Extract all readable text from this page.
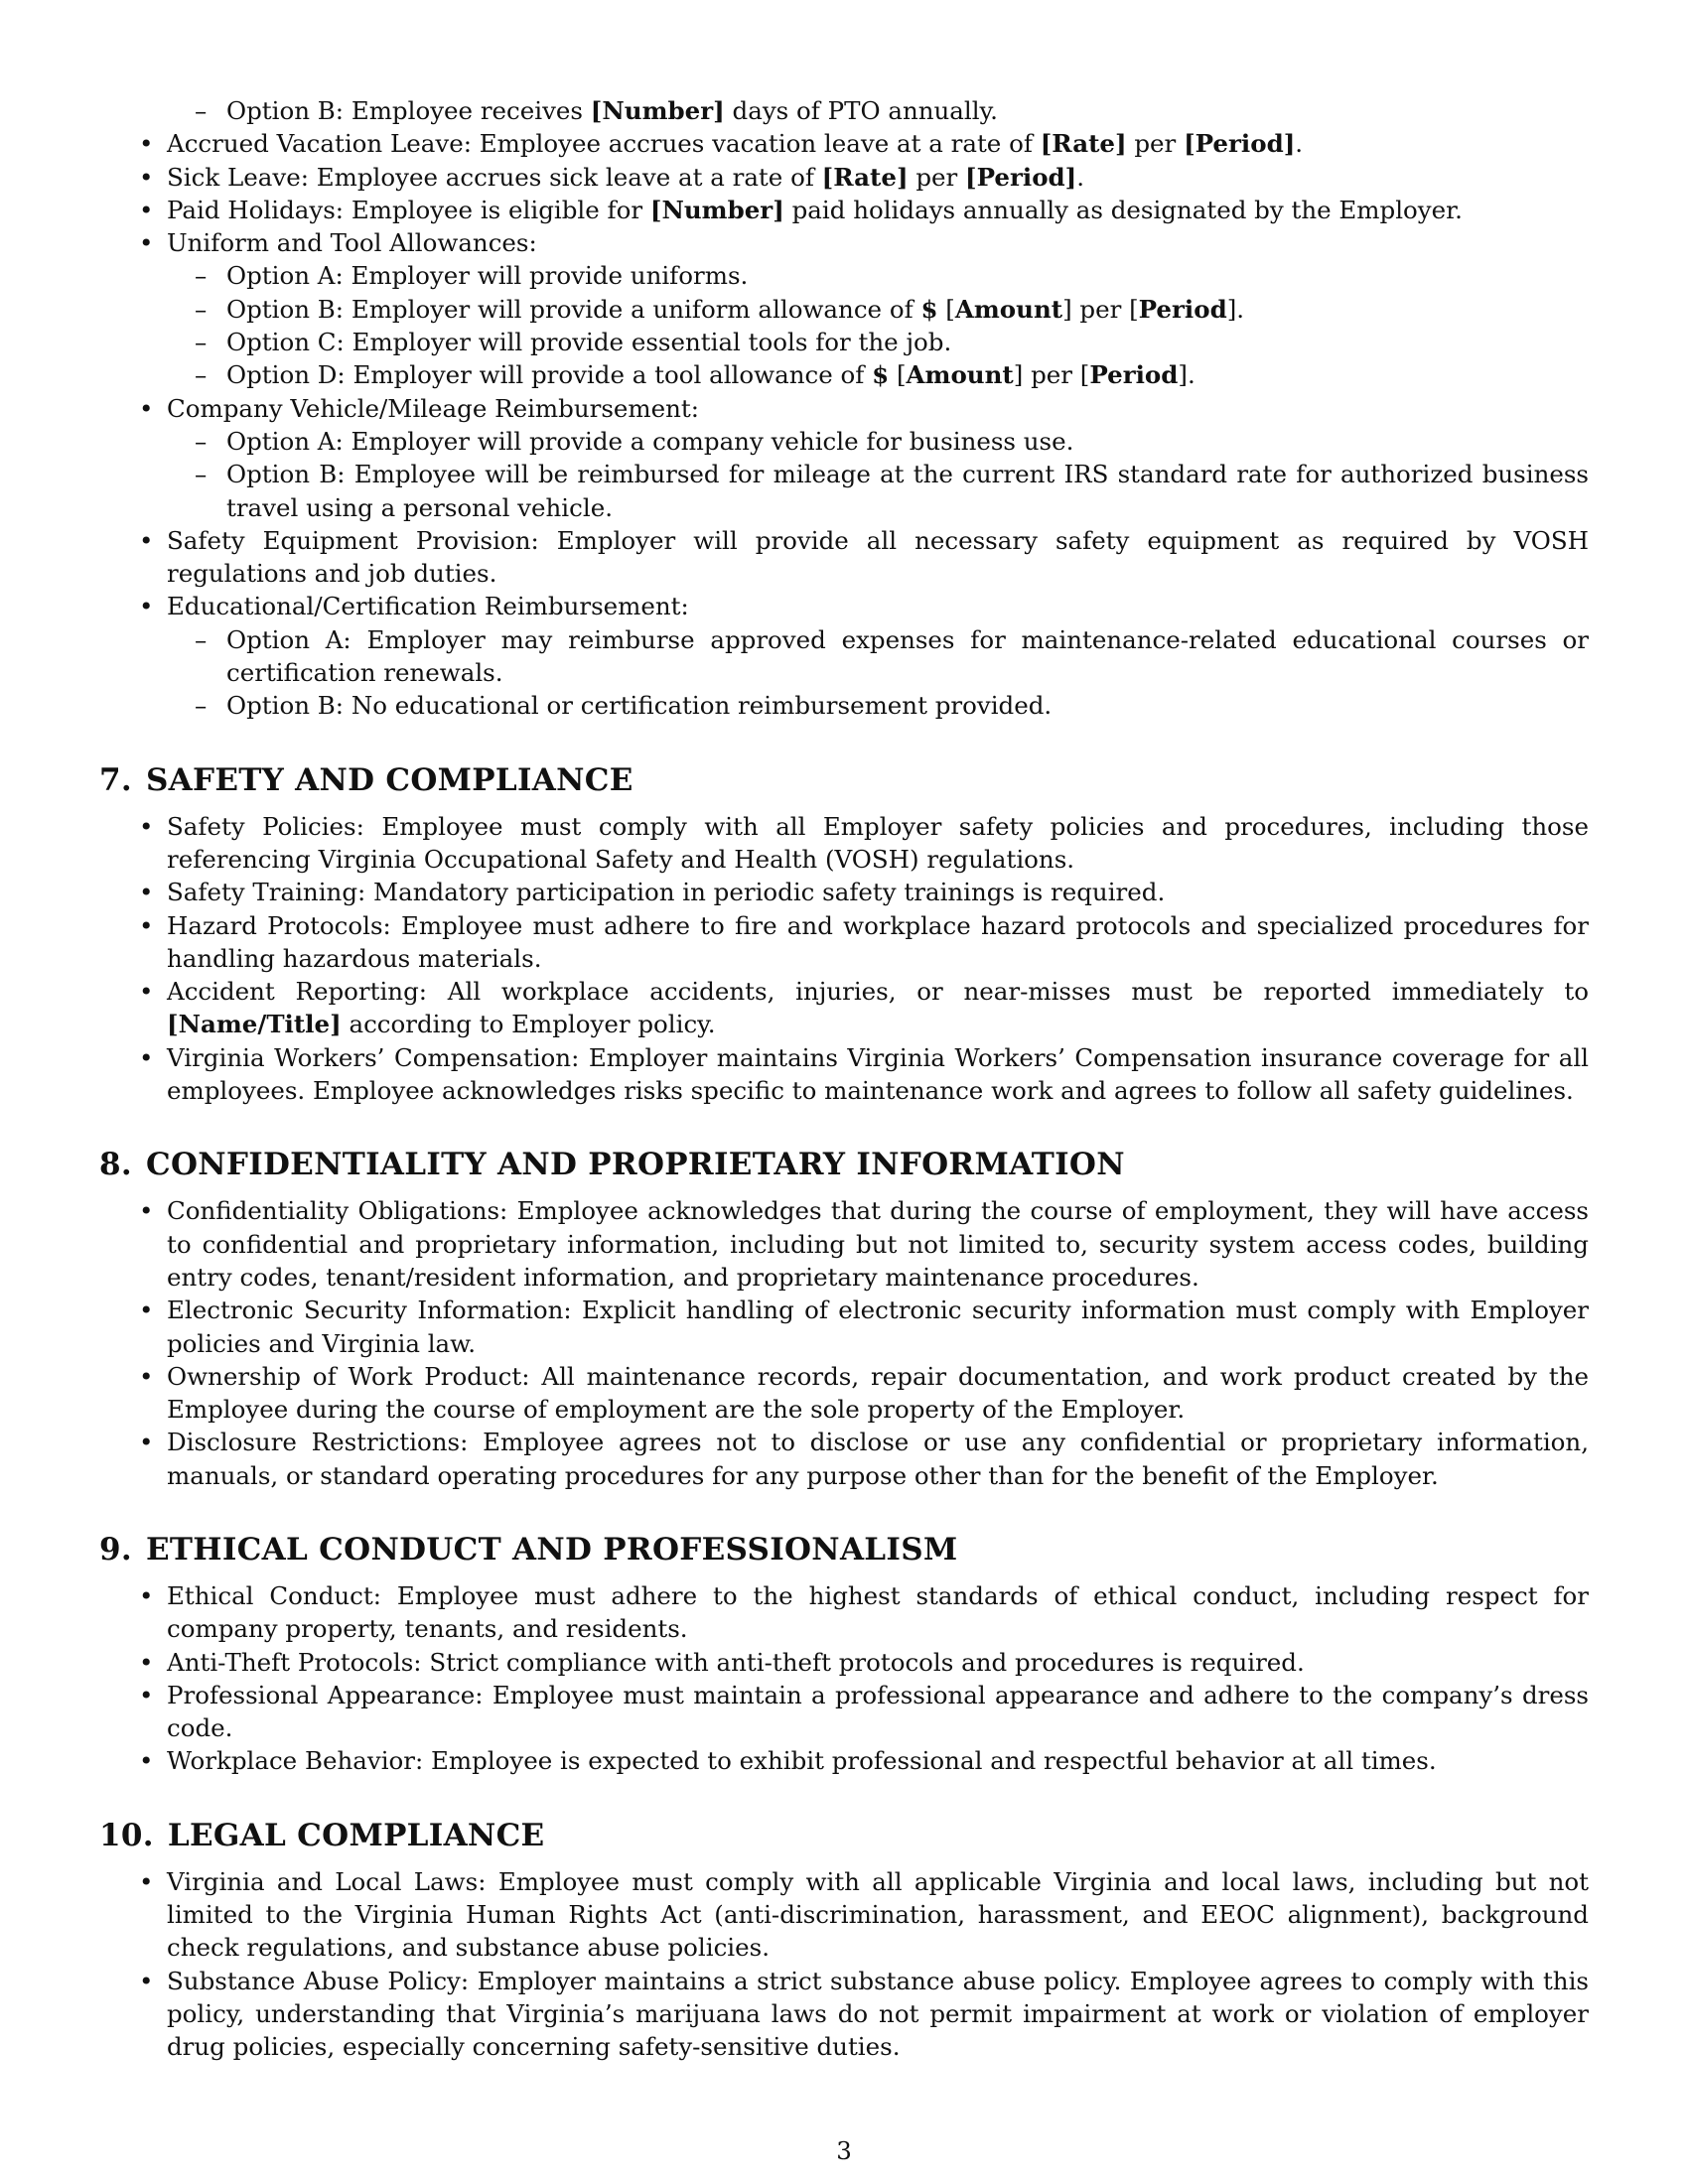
– Option B: Employee receives [Number] days of PTO annually.
• Accrued Vacation Leave: Employee accrues vacation leave at a rate of [Rate] per [Period].
• Sick Leave: Employee accrues sick leave at a rate of [Rate] per [Period].
• Paid Holidays: Employee is eligible for [Number] paid holidays annually as designated by the Employer.
• Uniform and Tool Allowances:
– Option A: Employer will provide uniforms.
– Option B: Employer will provide a uniform allowance of $ [Amount] per [Period].
– Option C: Employer will provide essential tools for the job.
– Option D: Employer will provide a tool allowance of $ [Amount] per [Period].
• Company Vehicle/Mileage Reimbursement:
– Option A: Employer will provide a company vehicle for business use.
– Option B: Employee will be reimbursed for mileage at the current IRS standard rate for authorized business travel using a personal vehicle.
• Safety Equipment Provision: Employer will provide all necessary safety equipment as required by VOSH regulations and job duties.
• Educational/Certification Reimbursement:
– Option A: Employer may reimburse approved expenses for maintenance-related educational courses or certification renewals.
– Option B: No educational or certification reimbursement provided.
7. SAFETY AND COMPLIANCE
• Safety Policies: Employee must comply with all Employer safety policies and procedures, including those referencing Virginia Occupational Safety and Health (VOSH) regulations.
• Safety Training: Mandatory participation in periodic safety trainings is required.
• Hazard Protocols: Employee must adhere to fire and workplace hazard protocols and specialized procedures for handling hazardous materials.
• Accident Reporting: All workplace accidents, injuries, or near-misses must be reported immediately to [Name/Title] according to Employer policy.
• Virginia Workers’ Compensation: Employer maintains Virginia Workers’ Compensation insurance coverage for all employees. Employee acknowledges risks specific to maintenance work and agrees to follow all safety guidelines.
8. CONFIDENTIALITY AND PROPRIETARY INFORMATION
• Confidentiality Obligations: Employee acknowledges that during the course of employment, they will have access to confidential and proprietary information, including but not limited to, security system access codes, building entry codes, tenant/resident information, and proprietary maintenance procedures.
• Electronic Security Information: Explicit handling of electronic security information must comply with Employer policies and Virginia law.
• Ownership of Work Product: All maintenance records, repair documentation, and work product created by the Employee during the course of employment are the sole property of the Employer.
• Disclosure Restrictions: Employee agrees not to disclose or use any confidential or proprietary information, manuals, or standard operating procedures for any purpose other than for the benefit of the Employer.
9. ETHICAL CONDUCT AND PROFESSIONALISM
• Ethical Conduct: Employee must adhere to the highest standards of ethical conduct, including respect for company property, tenants, and residents.
• Anti-Theft Protocols: Strict compliance with anti-theft protocols and procedures is required.
• Professional Appearance: Employee must maintain a professional appearance and adhere to the company’s dress code.
• Workplace Behavior: Employee is expected to exhibit professional and respectful behavior at all times.
10. LEGAL COMPLIANCE
• Virginia and Local Laws: Employee must comply with all applicable Virginia and local laws, including but not limited to the Virginia Human Rights Act (anti-discrimination, harassment, and EEOC alignment), background check regulations, and substance abuse policies.
• Substance Abuse Policy: Employer maintains a strict substance abuse policy. Employee agrees to comply with this policy, understanding that Virginia’s marijuana laws do not permit impairment at work or violation of employer drug policies, especially concerning safety-sensitive duties.
3
